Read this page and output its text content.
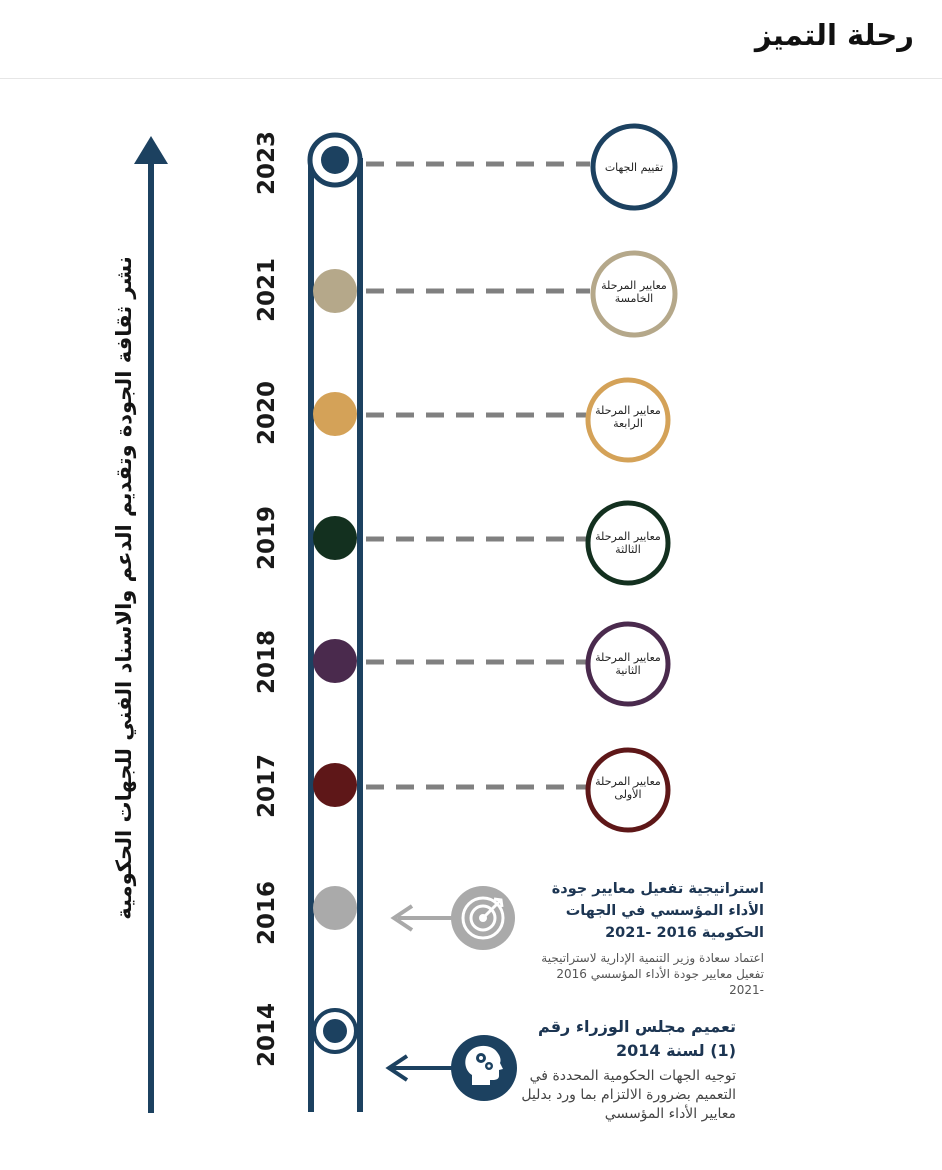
رحلة التميز
نشر ثقافة الجودة وتقديم الدعم والاسناد الفني للجهات الحكومية
2023
2021
2020
2019
2018
2017
2016
2014
تقييم الجهات
معايير المرحلة الخامسة
معايير المرحلة الرابعة
معايير المرحلة الثالثة
معايير المرحلة الثانية
معايير المرحلة الأولى
استراتيجية تفعيل معايير جودة الأداء المؤسسي في الجهات الحكومية 2016 -2021
اعتماد سعادة وزير التنمية الإدارية لاستراتيجية تفعيل معايير جودة الأداء المؤسسي 2016 -2021
تعميم مجلس الوزراء رقم (1) لسنة 2014
توجيه الجهات الحكومية المحددة في التعميم بضرورة الالتزام بما ورد بدليل معايير الأداء المؤسسي
